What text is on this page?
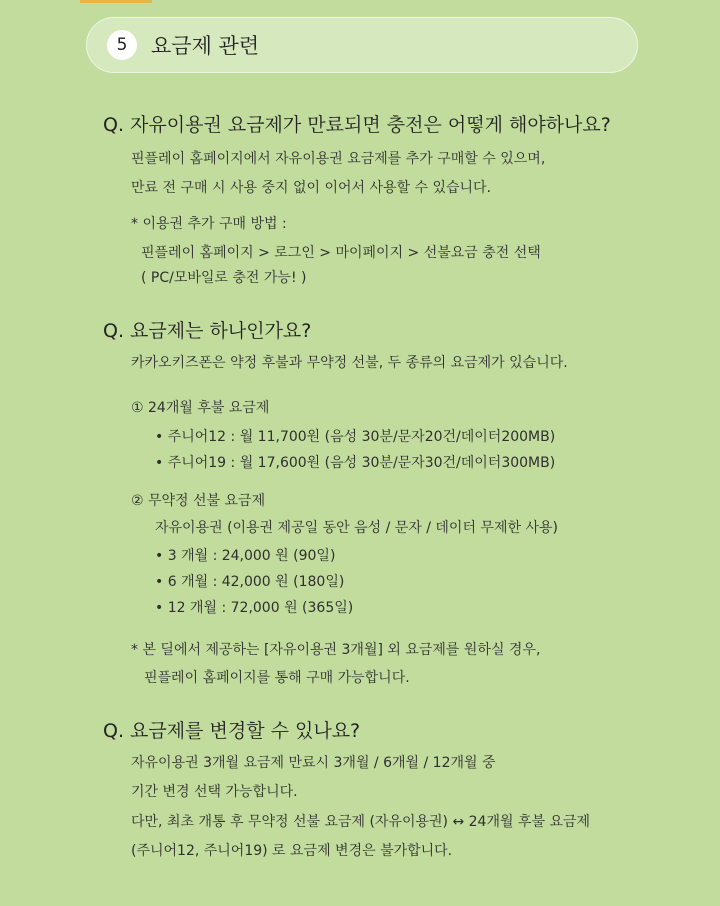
5	요금제 관련
Q. 자유이용권 요금제가 만료되면 충전은 어떻게 해야하나요?
핀플레이 홈페이지에서 자유이용권 요금제를 추가 구매할 수 있으며,
만료 전 구매 시 사용 중지 없이 이어서 사용할 수 있습니다.
* 이용권 추가 구매 방법 :
핀플레이 홈페이지 > 로그인 > 마이페이지 > 선불요금 충전 선택
( PC/모바일로 충전 가능! )
Q. 요금제는 하나인가요?
카카오키즈폰은 약정 후불과 무약정 선불, 두 종류의 요금제가 있습니다.
① 24개월 후불 요금제
• 주니어12 : 월 11,700원 (음성 30분/문자20건/데이터200MB)
• 주니어19 : 월 17,600원 (음성 30분/문자30건/데이터300MB)
② 무약정 선불 요금제
자유이용권 (이용권 제공일 동안 음성 / 문자 / 데이터 무제한 사용)
• 3 개월 : 24,000 원 (90일)
• 6 개월 : 42,000 원 (180일)
• 12 개월 : 72,000 원 (365일)
* 본 딜에서 제공하는 [자유이용권 3개월] 외 요금제를 원하실 경우,
핀플레이 홈페이지를 통해 구매 가능합니다.
Q. 요금제를 변경할 수 있나요?
자유이용권 3개월 요금제 만료시 3개월 / 6개월 / 12개월 중
기간 변경 선택 가능합니다.
다만, 최초 개통 후 무약정 선불 요금제 (자유이용권) ↔ 24개월 후불 요금제
(주니어12, 주니어19) 로 요금제 변경은 불가합니다.
